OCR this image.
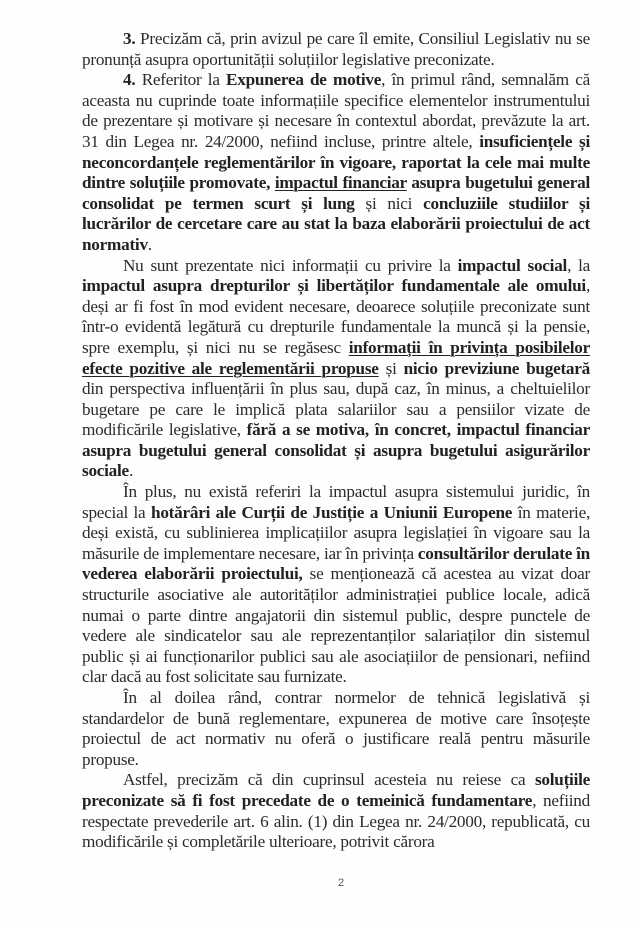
3. Precizăm că, prin avizul pe care îl emite, Consiliul Legislativ nu se pronunță asupra oportunității soluțiilor legislative preconizate.

4. Referitor la Expunerea de motive, în primul rând, semnalăm că aceasta nu cuprinde toate informațiile specifice elementelor instrumentului de prezentare și motivare și necesare în contextul abordat, prevăzute la art. 31 din Legea nr. 24/2000, nefiind incluse, printre altele, insuficiențele și neconcordanțele reglementărilor în vigoare, raportat la cele mai multe dintre soluțiile promovate, impactul financiar asupra bugetului general consolidat pe termen scurt și lung și nici concluziile studiilor și lucrărilor de cercetare care au stat la baza elaborării proiectului de act normativ.

Nu sunt prezentate nici informații cu privire la impactul social, la impactul asupra drepturilor și libertăților fundamentale ale omului, deși ar fi fost în mod evident necesare, deoarece soluțiile preconizate sunt într-o evidentă legătură cu drepturile fundamentale la muncă și la pensie, spre exemplu, și nici nu se regăsesc informații în privința posibilelor efecte pozitive ale reglementării propuse și nicio previziune bugetară din perspectiva influențării în plus sau, după caz, în minus, a cheltuielilor bugetare pe care le implică plata salariilor sau a pensiilor vizate de modificările legislative, fără a se motiva, în concret, impactul financiar asupra bugetului general consolidat și asupra bugetului asigurărilor sociale.

În plus, nu există referiri la impactul asupra sistemului juridic, în special la hotărâri ale Curții de Justiție a Uniunii Europene în materie, deși există, cu sublinierea implicațiilor asupra legislației în vigoare sau la măsurile de implementare necesare, iar în privința consultărilor derulate în vederea elaborării proiectului, se menționează că acestea au vizat doar structurile asociative ale autorităților administrației publice locale, adică numai o parte dintre angajatorii din sistemul public, despre punctele de vedere ale sindicatelor sau ale reprezentanților salariaților din sistemul public și ai funcționarilor publici sau ale asociațiilor de pensionari, nefiind clar dacă au fost solicitate sau furnizate.

În al doilea rând, contrar normelor de tehnică legislativă și standardelor de bună reglementare, expunerea de motive care însoțește proiectul de act normativ nu oferă o justificare reală pentru măsurile propuse.

Astfel, precizăm că din cuprinsul acesteia nu reiese ca soluțiile preconizate să fi fost precedate de o temeinică fundamentare, nefiind respectate prevederile art. 6 alin. (1) din Legea nr. 24/2000, republicată, cu modificările și completările ulterioare, potrivit cărora

2
